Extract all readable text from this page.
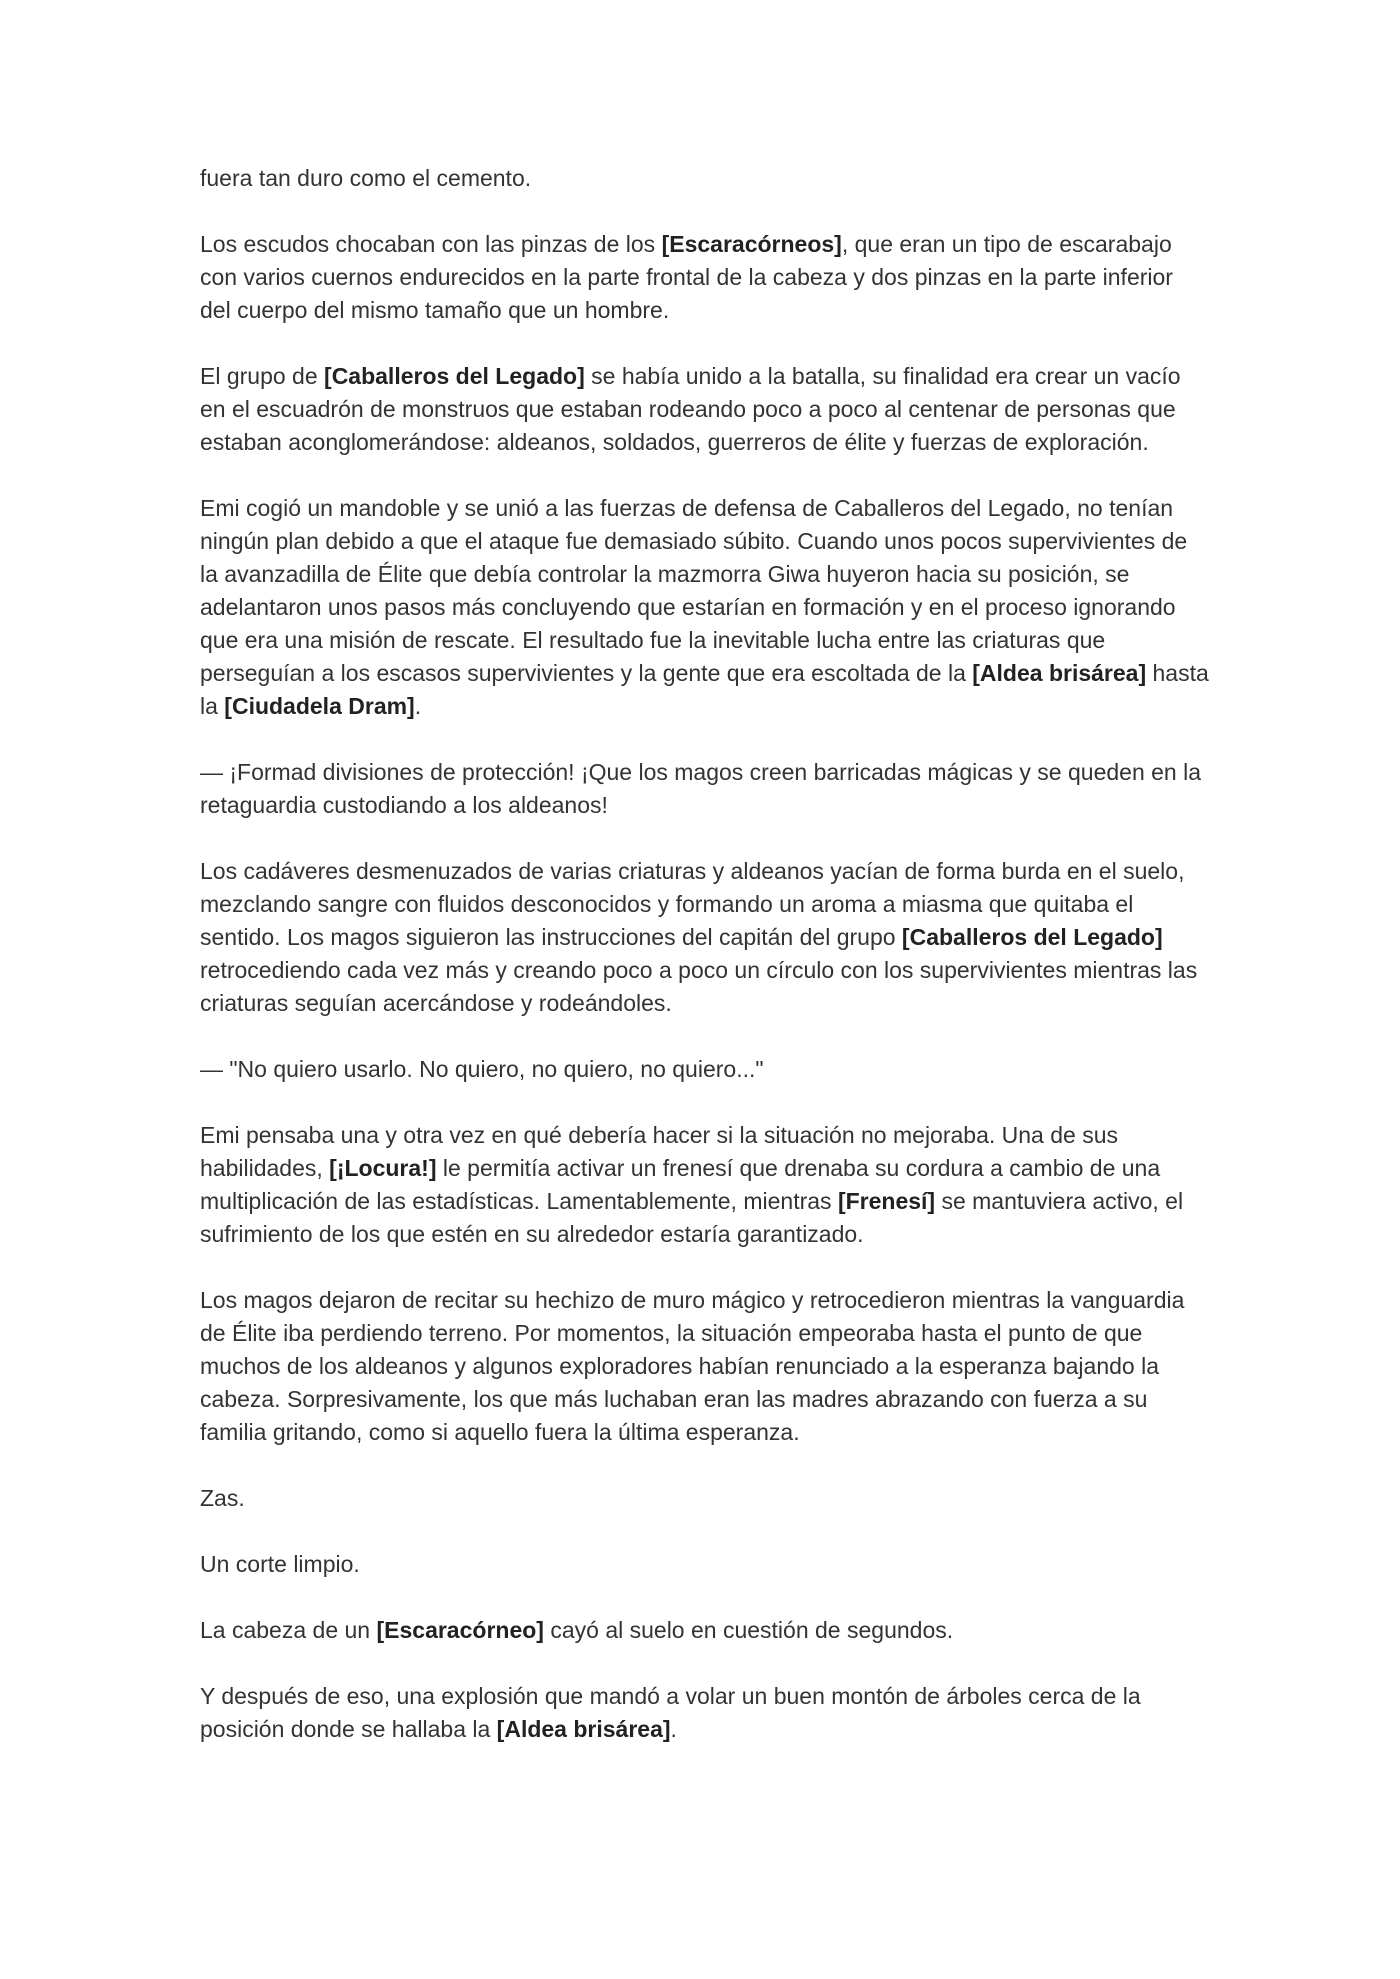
fuera tan duro como el cemento.

Los escudos chocaban con las pinzas de los [Escaracórneos], que eran un tipo de escarabajo con varios cuernos endurecidos en la parte frontal de la cabeza y dos pinzas en la parte inferior del cuerpo del mismo tamaño que un hombre.

El grupo de [Caballeros del Legado] se había unido a la batalla, su finalidad era crear un vacío en el escuadrón de monstruos que estaban rodeando poco a poco al centenar de personas que estaban aconglomerándose: aldeanos, soldados, guerreros de élite y fuerzas de exploración.

Emi cogió un mandoble y se unió a las fuerzas de defensa de Caballeros del Legado, no tenían ningún plan debido a que el ataque fue demasiado súbito. Cuando unos pocos supervivientes de la avanzadilla de Élite que debía controlar la mazmorra Giwa huyeron hacia su posición, se adelantaron unos pasos más concluyendo que estarían en formación y en el proceso ignorando que era una misión de rescate. El resultado fue la inevitable lucha entre las criaturas que perseguían a los escasos supervivientes y la gente que era escoltada de la [Aldea brisárea] hasta la [Ciudadela Dram].

— ¡Formad divisiones de protección! ¡Que los magos creen barricadas mágicas y se queden en la retaguardia custodiando a los aldeanos!

Los cadáveres desmenuzados de varias criaturas y aldeanos yacían de forma burda en el suelo, mezclando sangre con fluidos desconocidos y formando un aroma a miasma que quitaba el sentido. Los magos siguieron las instrucciones del capitán del grupo [Caballeros del Legado] retrocediendo cada vez más y creando poco a poco un círculo con los supervivientes mientras las criaturas seguían acercándose y rodeándoles.

— "No quiero usarlo. No quiero, no quiero, no quiero..."

Emi pensaba una y otra vez en qué debería hacer si la situación no mejoraba. Una de sus habilidades, [¡Locura!] le permitía activar un frenesí que drenaba su cordura a cambio de una multiplicación de las estadísticas. Lamentablemente, mientras [Frenesí] se mantuviera activo, el sufrimiento de los que estén en su alrededor estaría garantizado.

Los magos dejaron de recitar su hechizo de muro mágico y retrocedieron mientras la vanguardia de Élite iba perdiendo terreno. Por momentos, la situación empeoraba hasta el punto de que muchos de los aldeanos y algunos exploradores habían renunciado a la esperanza bajando la cabeza. Sorpresivamente, los que más luchaban eran las madres abrazando con fuerza a su familia gritando, como si aquello fuera la última esperanza.

Zas.

Un corte limpio.

La cabeza de un [Escaracórneo] cayó al suelo en cuestión de segundos.

Y después de eso, una explosión que mandó a volar un buen montón de árboles cerca de la posición donde se hallaba la [Aldea brisárea].
